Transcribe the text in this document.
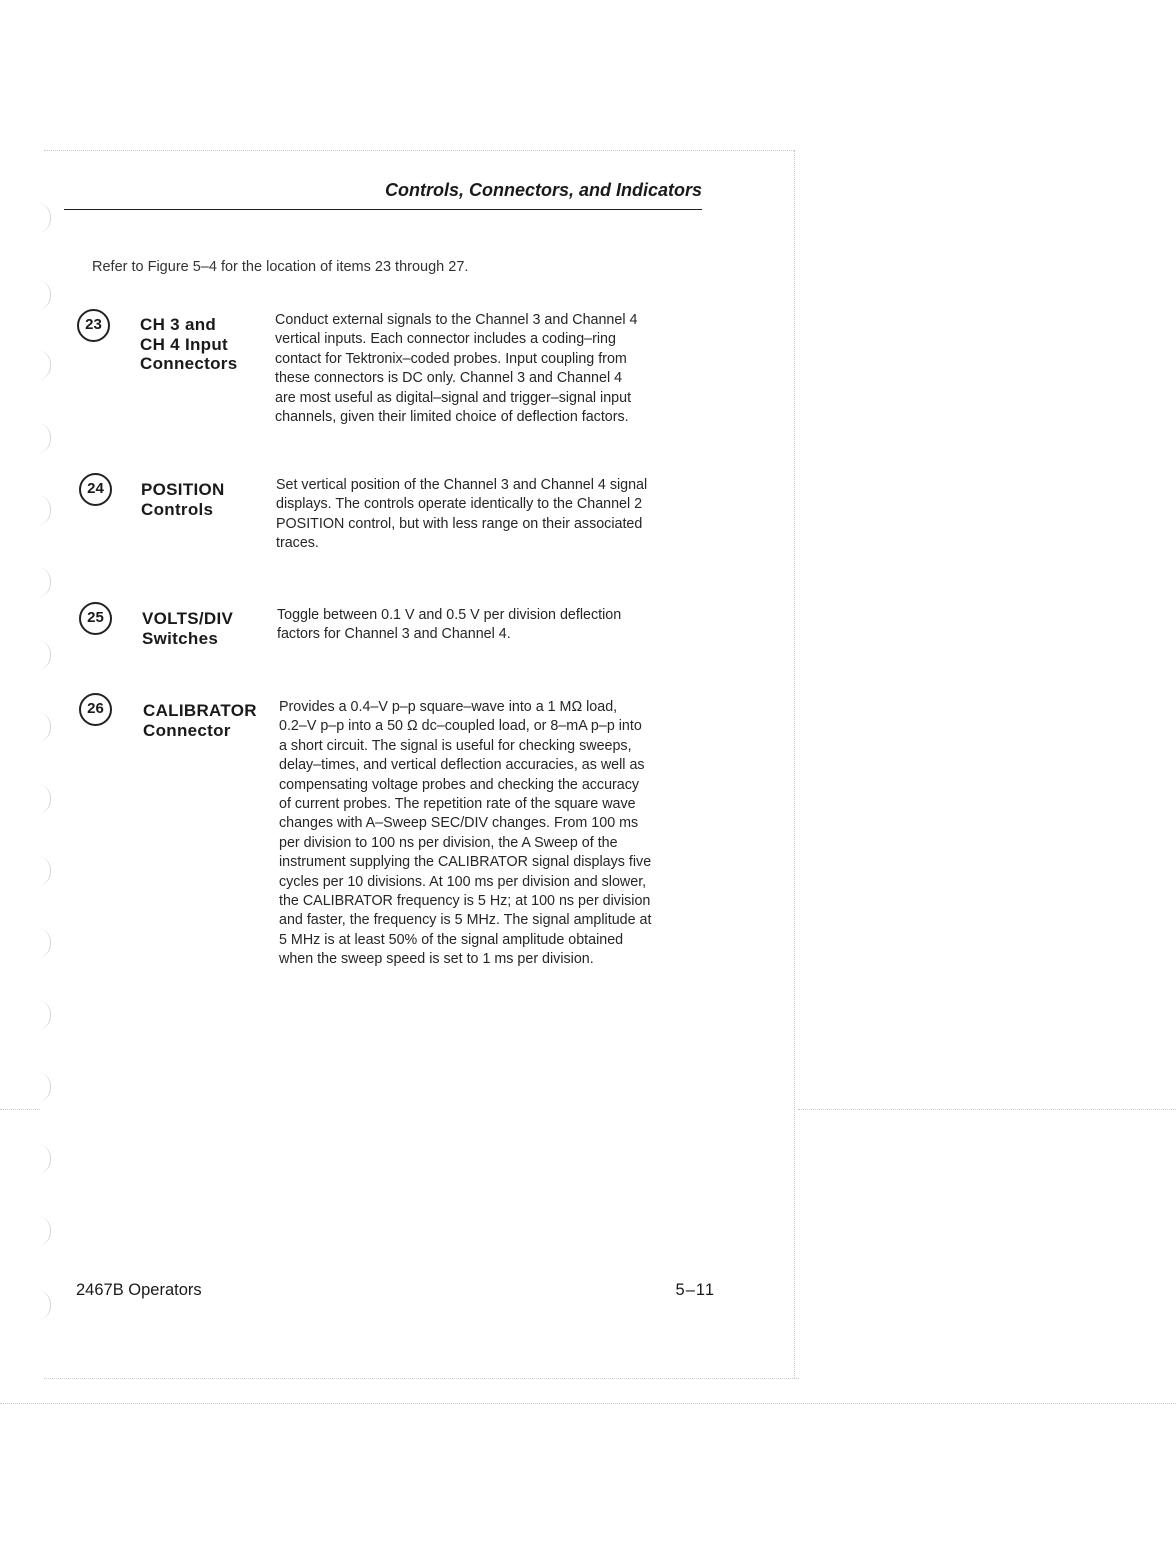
Controls, Connectors, and Indicators
Refer to Figure 5–4 for the location of items 23 through 27.
23	CH 3 and
CH 4 Input
Connectors
Conduct external signals to the Channel 3 and Channel 4
vertical inputs. Each connector includes a coding–ring
contact for Tektronix–coded probes. Input coupling from
these connectors is DC only. Channel 3 and Channel 4
are most useful as digital–signal and trigger–signal input
channels, given their limited choice of deflection factors.
24	POSITION
Controls
Set vertical position of the Channel 3 and Channel 4 signal
displays. The controls operate identically to the Channel 2
POSITION control, but with less range on their associated
traces.
25	VOLTS/DIV
Switches
Toggle between 0.1 V and 0.5 V per division deflection
factors for Channel 3 and Channel 4.
26	CALIBRATOR
Connector
Provides a 0.4–V p–p square–wave into a 1 MΩ load,
0.2–V p–p into a 50 Ω dc–coupled load, or 8–mA p–p into
a short circuit. The signal is useful for checking sweeps,
delay–times, and vertical deflection accuracies, as well as
compensating voltage probes and checking the accuracy
of current probes. The repetition rate of the square wave
changes with A–Sweep SEC/DIV changes. From 100 ms
per division to 100 ns per division, the A Sweep of the
instrument supplying the CALIBRATOR signal displays five
cycles per 10 divisions. At 100 ms per division and slower,
the CALIBRATOR frequency is 5 Hz; at 100 ns per division
and faster, the frequency is 5 MHz. The signal amplitude at
5 MHz is at least 50% of the signal amplitude obtained
when the sweep speed is set to 1 ms per division.
2467B Operators	5–11
